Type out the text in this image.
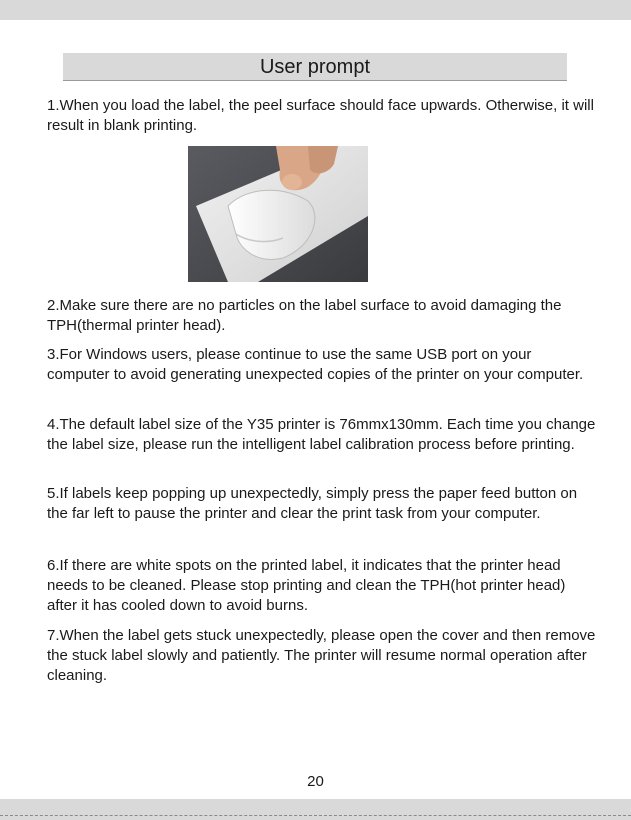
User prompt

1.When you load the label, the peel surface should face upwards. Otherwise, it will result in blank printing.

2.Make sure there are no particles on the label surface to avoid damaging the TPH(thermal printer head).

3.For Windows users, please continue to use the same USB port on your computer to avoid generating unexpected copies of the printer on your computer.

4.The default label size of the Y35 printer is 76mmx130mm. Each time you change the label size, please run the intelligent label calibration process before printing.

5.If labels keep popping up unexpectedly, simply press the paper feed button on the far left to pause the printer and clear the print task from your computer.

6.If there are white spots on the printed label, it indicates that the printer head needs to be cleaned. Please stop printing and clean the TPH(hot printer head) after it has cooled down to avoid burns.

7.When the label gets stuck unexpectedly, please open the cover and then remove the stuck label slowly and patiently. The printer will resume normal operation after cleaning.

20
